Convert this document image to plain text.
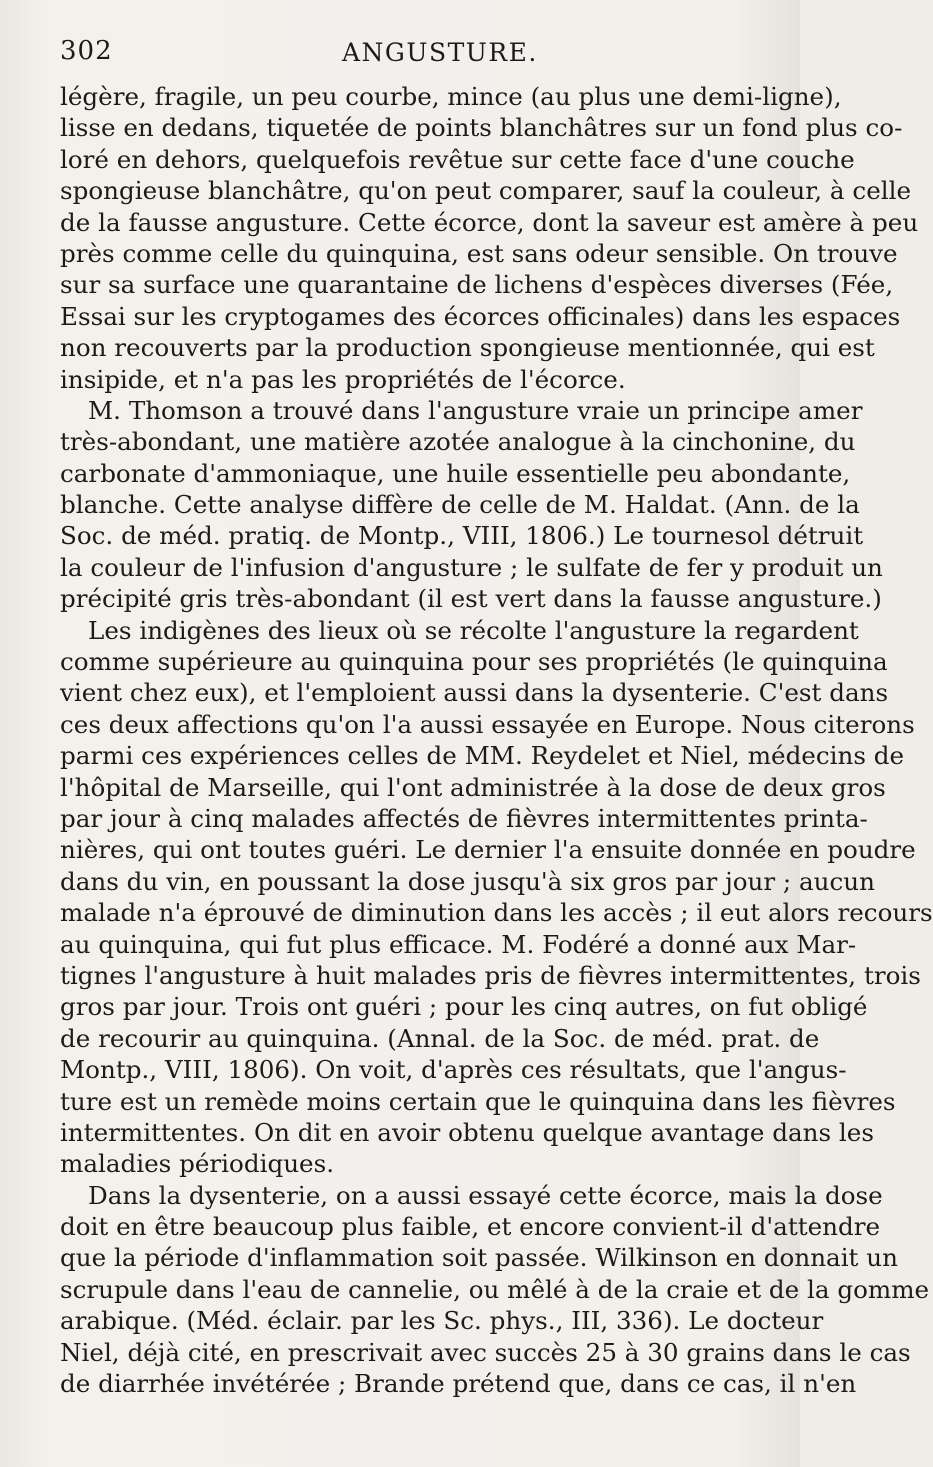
302	ANGUSTURE.
légère, fragile, un peu courbe, mince (au plus une demi-ligne),
lisse en dedans, tiquetée de points blanchâtres sur un fond plus co-
loré en dehors, quelquefois revêtue sur cette face d'une couche
spongieuse blanchâtre, qu'on peut comparer, sauf la couleur, à celle
de la fausse angusture. Cette écorce, dont la saveur est amère à peu
près comme celle du quinquina, est sans odeur sensible. On trouve
sur sa surface une quarantaine de lichens d'espèces diverses (Fée,
Essai sur les cryptogames des écorces officinales) dans les espaces
non recouverts par la production spongieuse mentionnée, qui est
insipide, et n'a pas les propriétés de l'écorce.
M. Thomson a trouvé dans l'angusture vraie un principe amer
très-abondant, une matière azotée analogue à la cinchonine, du
carbonate d'ammoniaque, une huile essentielle peu abondante,
blanche. Cette analyse diffère de celle de M. Haldat. (Ann. de la
Soc. de méd. pratiq. de Montp., VIII, 1806.) Le tournesol détruit
la couleur de l'infusion d'angusture ; le sulfate de fer y produit un
précipité gris très-abondant (il est vert dans la fausse angusture.)
Les indigènes des lieux où se récolte l'angusture la regardent
comme supérieure au quinquina pour ses propriétés (le quinquina
vient chez eux), et l'emploient aussi dans la dysenterie. C'est dans
ces deux affections qu'on l'a aussi essayée en Europe. Nous citerons
parmi ces expériences celles de MM. Reydelet et Niel, médecins de
l'hôpital de Marseille, qui l'ont administrée à la dose de deux gros
par jour à cinq malades affectés de fièvres intermittentes printa-
nières, qui ont toutes guéri. Le dernier l'a ensuite donnée en poudre
dans du vin, en poussant la dose jusqu'à six gros par jour ; aucun
malade n'a éprouvé de diminution dans les accès ; il eut alors recours
au quinquina, qui fut plus efficace. M. Fodéré a donné aux Mar-
tignes l'angusture à huit malades pris de fièvres intermittentes, trois
gros par jour. Trois ont guéri ; pour les cinq autres, on fut obligé
de recourir au quinquina. (Annal. de la Soc. de méd. prat. de
Montp., VIII, 1806). On voit, d'après ces résultats, que l'angus-
ture est un remède moins certain que le quinquina dans les fièvres
intermittentes. On dit en avoir obtenu quelque avantage dans les
maladies périodiques.
Dans la dysenterie, on a aussi essayé cette écorce, mais la dose
doit en être beaucoup plus faible, et encore convient-il d'attendre
que la période d'inflammation soit passée. Wilkinson en donnait un
scrupule dans l'eau de cannelie, ou mêlé à de la craie et de la gomme
arabique. (Méd. éclair. par les Sc. phys., III, 336). Le docteur
Niel, déjà cité, en prescrivait avec succès 25 à 30 grains dans le cas
de diarrhée invétérée ; Brande prétend que, dans ce cas, il n'en
